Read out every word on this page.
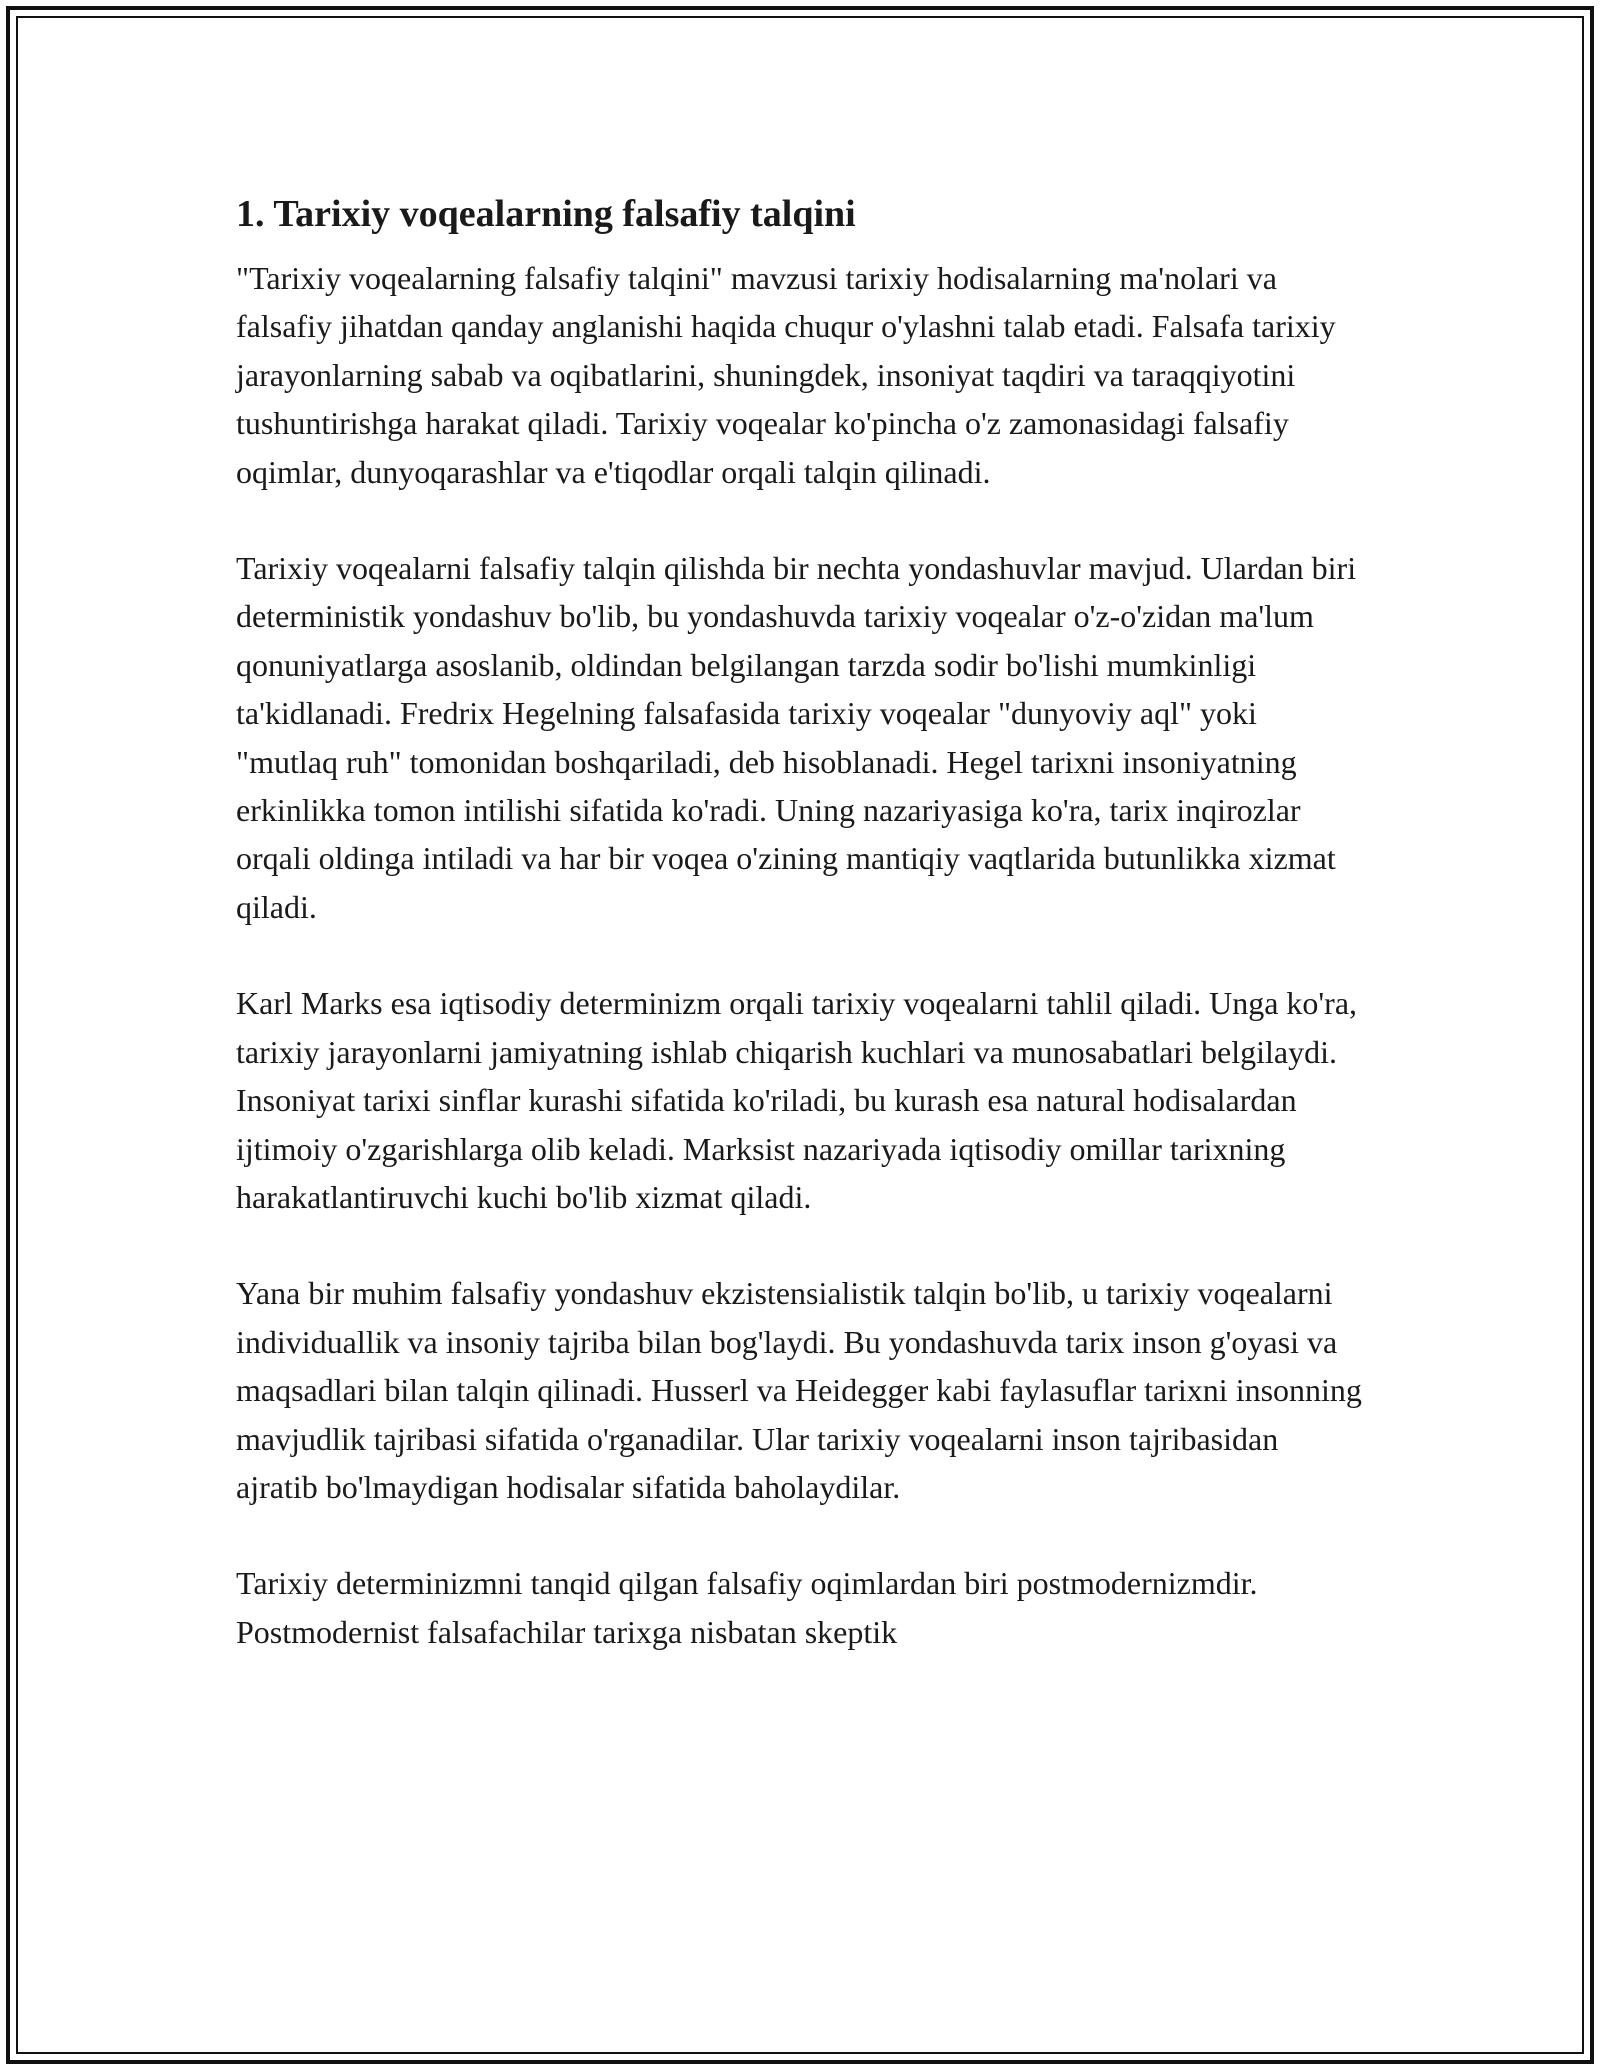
1. Tarixiy voqealarning falsafiy talqini

"Tarixiy voqealarning falsafiy talqini" mavzusi tarixiy hodisalarning ma'nolari va falsafiy jihatdan qanday anglanishi haqida chuqur o'ylashni talab etadi. Falsafa tarixiy jarayonlarning sabab va oqibatlarini, shuningdek, insoniyat taqdiri va taraqqiyotini tushuntirishga harakat qiladi. Tarixiy voqealar ko'pincha o'z zamonasidagi falsafiy oqimlar, dunyoqarashlar va e'tiqodlar orqali talqin qilinadi.

Tarixiy voqealarni falsafiy talqin qilishda bir nechta yondashuvlar mavjud. Ulardan biri deterministik yondashuv bo'lib, bu yondashuvda tarixiy voqealar o'z-o'zidan ma'lum qonuniyatlarga asoslanib, oldindan belgilangan tarzda sodir bo'lishi mumkinligi ta'kidlanadi. Fredrix Hegelning falsafasida tarixiy voqealar "dunyoviy aql" yoki "mutlaq ruh" tomonidan boshqariladi, deb hisoblanadi. Hegel tarixni insoniyatning erkinlikka tomon intilishi sifatida ko'radi. Uning nazariyasiga ko'ra, tarix inqirozlar orqali oldinga intiladi va har bir voqea o'zining mantiqiy vaqtlarida butunlikka xizmat qiladi.

Karl Marks esa iqtisodiy determinizm orqali tarixiy voqealarni tahlil qiladi. Unga ko'ra, tarixiy jarayonlarni jamiyatning ishlab chiqarish kuchlari va munosabatlari belgilaydi. Insoniyat tarixi sinflar kurashi sifatida ko'riladi, bu kurash esa natural hodisalardan ijtimoiy o'zgarishlarga olib keladi. Marksist nazariyada iqtisodiy omillar tarixning harakatlantiruvchi kuchi bo'lib xizmat qiladi.

Yana bir muhim falsafiy yondashuv ekzistensialistik talqin bo'lib, u tarixiy voqealarni individuallik va insoniy tajriba bilan bog'laydi. Bu yondashuvda tarix inson g'oyasi va maqsadlari bilan talqin qilinadi. Husserl va Heidegger kabi faylasuflar tarixni insonning mavjudlik tajribasi sifatida o'rganadilar. Ular tarixiy voqealarni inson tajribasidan ajratib bo'lmaydigan hodisalar sifatida baholaydilar.

Tarixiy determinizmni tanqid qilgan falsafiy oqimlardan biri postmodernizmdir. Postmodernist falsafachilar tarixga nisbatan skeptik
